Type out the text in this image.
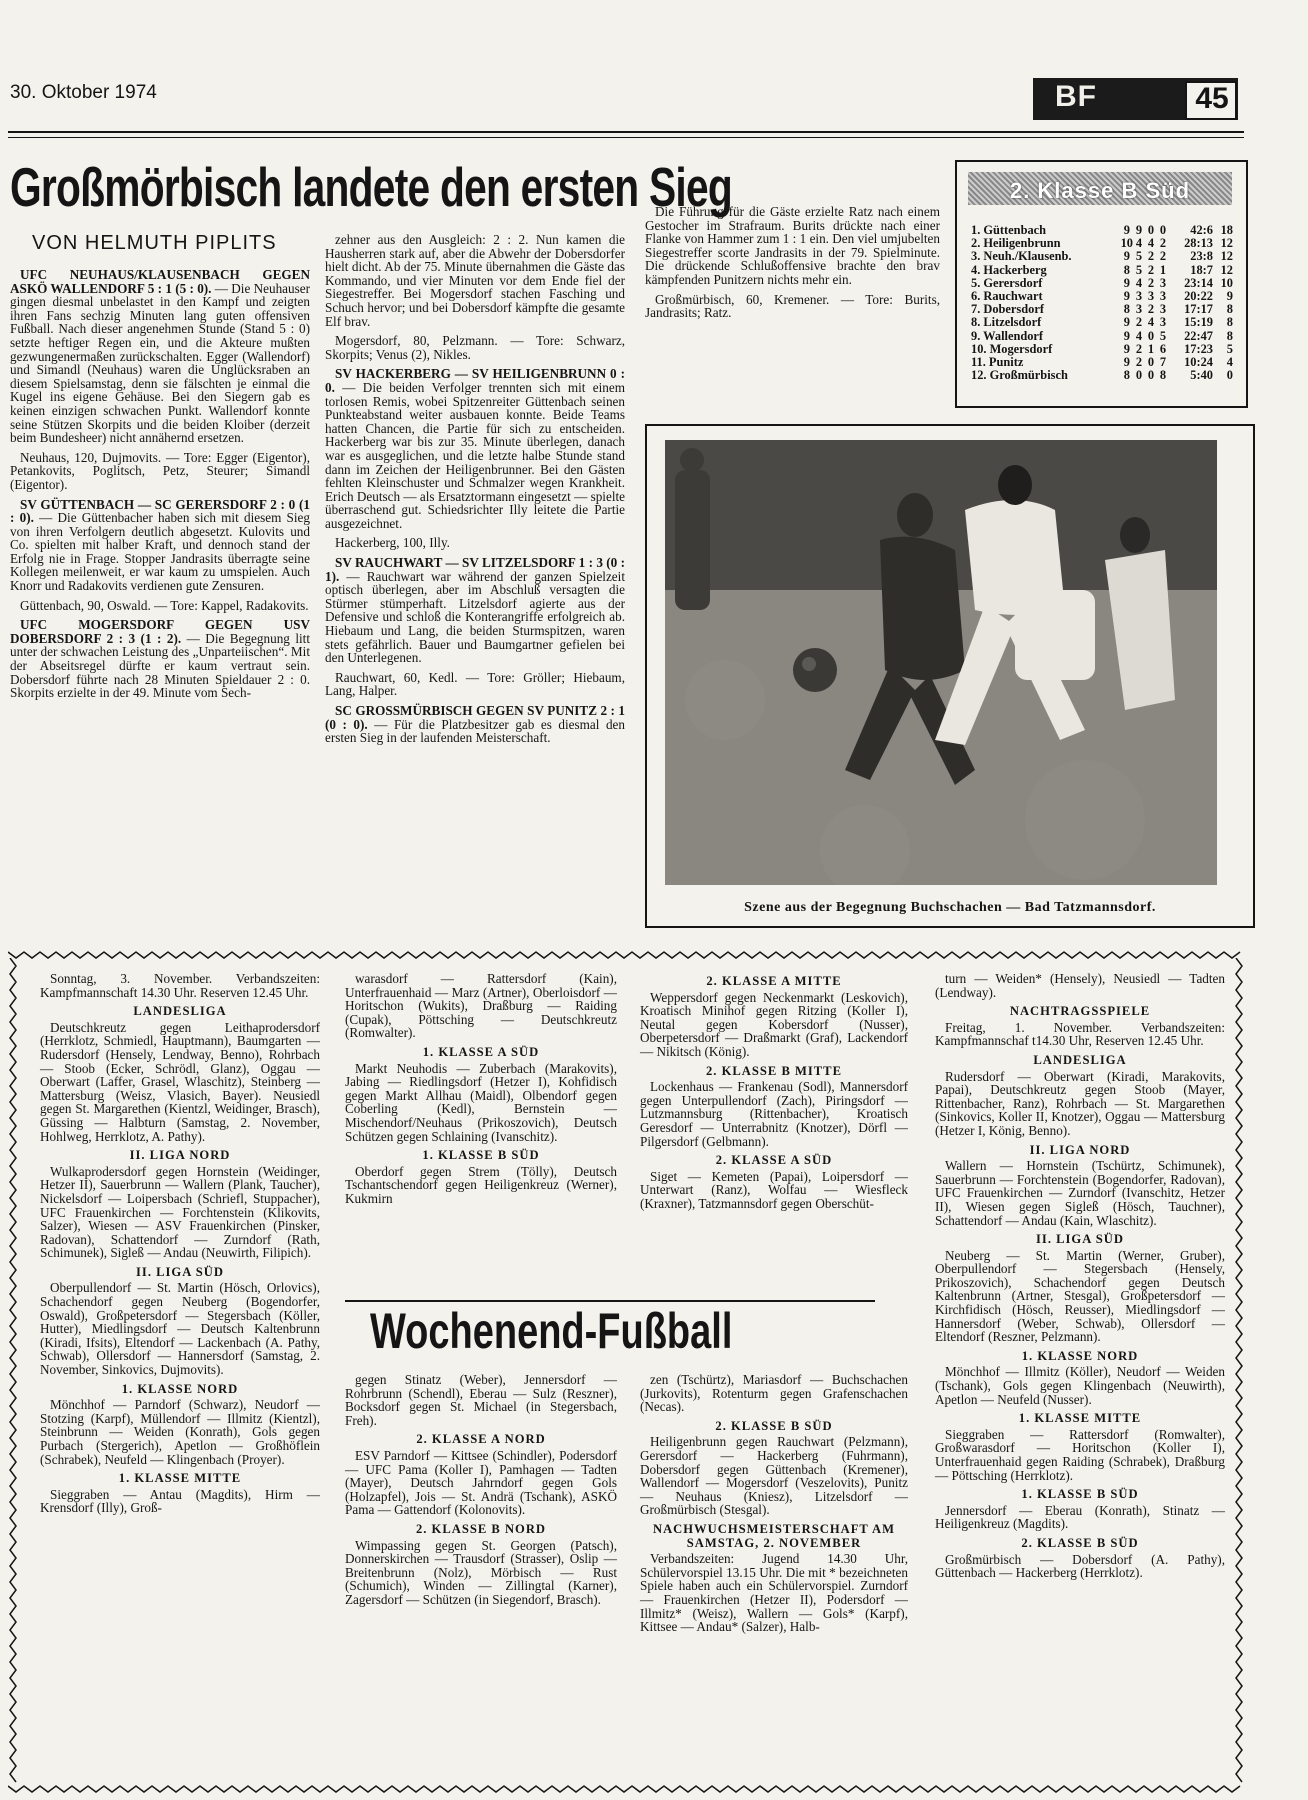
30. Oktober 1974	BF	45
Großmörbisch landete den ersten Sieg
VON HELMUTH PIPLITS

UFC NEUHAUS/KLAUSENBACH GEGEN ASKÖ WALLENDORF 5 : 1 (5 : 0). — Die Neuhauser gingen diesmal unbelastet in den Kampf und zeigten ihren Fans sechzig Minuten lang guten offensiven Fußball. Nach dieser angenehmen Stunde (Stand 5 : 0) setzte heftiger Regen ein, und die Akteure mußten gezwungenermaßen zurückschalten. Egger (Wallendorf) und Simandl (Neuhaus) waren die Unglücksraben an diesem Spielsamstag, denn sie fälschten je einmal die Kugel ins eigene Gehäuse. Bei den Siegern gab es keinen einzigen schwachen Punkt. Wallendorf konnte seine Stützen Skorpits und die beiden Kloiber (derzeit beim Bundesheer) nicht annähernd ersetzen.

Neuhaus, 120, Dujmovits. — Tore: Egger (Eigentor), Petankovits, Poglitsch, Petz, Steurer; Simandl (Eigentor).

SV GÜTTENBACH — SC GERERSDORF 2 : 0 (1 : 0). — Die Güttenbacher haben sich mit diesem Sieg von ihren Verfolgern deutlich abgesetzt. Kulovits und Co. spielten mit halber Kraft, und dennoch stand der Erfolg nie in Frage. Stopper Jandrasits überragte seine Kollegen meilenweit, er war kaum zu umspielen. Auch Knorr und Radakovits verdienen gute Zensuren.

Güttenbach, 90, Oswald. — Tore: Kappel, Radakovits.

UFC MOGERSDORF GEGEN USV DOBERSDORF 2 : 3 (1 : 2). — Die Begegnung litt unter der schwachen Leistung des „Unparteiischen“. Mit der Abseitsregel dürfte er kaum vertraut sein. Dobersdorf führte nach 28 Minuten Spieldauer 2 : 0. Skorpits erzielte in der 49. Minute vom Sech-

zehner aus den Ausgleich: 2 : 2. Nun kamen die Hausherren stark auf, aber die Abwehr der Dobersdorfer hielt dicht. Ab der 75. Minute übernahmen die Gäste das Kommando, und vier Minuten vor dem Ende fiel der Siegestreffer. Bei Mogersdorf stachen Fasching und Schuch hervor; und bei Dobersdorf kämpfte die gesamte Elf brav.

Mogersdorf, 80, Pelzmann. — Tore: Schwarz, Skorpits; Venus (2), Nikles.

SV HACKERBERG — SV HEILIGENBRUNN 0 : 0. — Die beiden Verfolger trennten sich mit einem torlosen Remis, wobei Spitzenreiter Güttenbach seinen Punkteabstand weiter ausbauen konnte. Beide Teams hatten Chancen, die Partie für sich zu entscheiden. Hackerberg war bis zur 35. Minute überlegen, danach war es ausgeglichen, und die letzte halbe Stunde stand dann im Zeichen der Heiligenbrunner. Bei den Gästen fehlten Kleinschuster und Schmalzer wegen Krankheit. Erich Deutsch — als Ersatztormann eingesetzt — spielte überraschend gut. Schiedsrichter Illy leitete die Partie ausgezeichnet.

Hackerberg, 100, Illy.

SV RAUCHWART — SV LITZELSDORF 1 : 3 (0 : 1). — Rauchwart war während der ganzen Spielzeit optisch überlegen, aber im Abschluß versagten die Stürmer stümperhaft. Litzelsdorf agierte aus der Defensive und schloß die Konterangriffe erfolgreich ab. Hiebaum und Lang, die beiden Sturmspitzen, waren stets gefährlich. Bauer und Baumgartner gefielen bei den Unterlegenen.

Rauchwart, 60, Kedl. — Tore: Gröller; Hiebaum, Lang, Halper.

SC GROSSMÜRBISCH GEGEN SV PUNITZ 2 : 1 (0 : 0). — Für die Platzbesitzer gab es diesmal den ersten Sieg in der laufenden Meisterschaft.

Die Führung für die Gäste erzielte Ratz nach einem Gestocher im Strafraum. Burits drückte nach einer Flanke von Hammer zum 1 : 1 ein. Den viel umjubelten Siegestreffer scorte Jandrasits in der 79. Spielminute. Die drückende Schlußoffensive brachte den brav kämpfenden Punitzern nichts mehr ein.

Großmürbisch, 60, Kremener. — Tore: Burits, Jandrasits; Ratz.

2. Klasse B Süd
1. Güttenbach	9	9	0	0	42:6	18
2. Heiligenbrunn	10	4	4	2	28:13	12
3. Neuh./Klausenb.	9	5	2	2	23:8	12
4. Hackerberg	8	5	2	1	18:7	12
5. Gerersdorf	9	4	2	3	23:14	10
6. Rauchwart	9	3	3	3	20:22	9
7. Dobersdorf	8	3	2	3	17:17	8
8. Litzelsdorf	9	2	4	3	15:19	8
9. Wallendorf	9	4	0	5	22:47	8
10. Mogersdorf	9	2	1	6	17:23	5
11. Punitz	9	2	0	7	10:24	4
12. Großmürbisch	8	0	0	8	5:40	0
Szene aus der Begegnung Buchschachen — Bad Tatzmannsdorf.

Sonntag, 3. November. Verbandszeiten: Kampfmannschaft 14.30 Uhr. Reserven 12.45 Uhr.

LANDESLIGA

Deutschkreutz gegen Leithaprodersdorf (Herrklotz, Schmiedl, Hauptmann), Baumgarten — Rudersdorf (Hensely, Lendway, Benno), Rohrbach — Stoob (Ecker, Schrödl, Glanz), Oggau — Oberwart (Laffer, Grasel, Wlaschitz), Steinberg — Mattersburg (Weisz, Vlasich, Bayer). Neusiedl gegen St. Margarethen (Kientzl, Weidinger, Brasch), Güssing — Halbturn (Samstag, 2. November, Hohlweg, Herrklotz, A. Pathy).

II. LIGA NORD

Wulkaprodersdorf gegen Hornstein (Weidinger, Hetzer II), Sauerbrunn — Wallern (Plank, Taucher), Nickelsdorf — Loipersbach (Schriefl, Stuppacher), UFC Frauenkirchen — Forchtenstein (Klikovits, Salzer), Wiesen — ASV Frauenkirchen (Pinsker, Radovan), Schattendorf — Zurndorf (Rath, Schimunek), Sigleß — Andau (Neuwirth, Filipich).

II. LIGA SÜD

Oberpullendorf — St. Martin (Hösch, Orlovics), Schachendorf gegen Neuberg (Bogendorfer, Oswald), Großpetersdorf — Stegersbach (Köller, Hutter), Miedlingsdorf — Deutsch Kaltenbrunn (Kiradi, Ifsits), Eltendorf — Lackenbach (A. Pathy, Schwab), Ollersdorf — Hannersdorf (Samstag, 2. November, Sinkovics, Dujmovits).

1. KLASSE NORD

Mönchhof — Parndorf (Schwarz), Neudorf — Stotzing (Karpf), Müllendorf — Illmitz (Kientzl), Steinbrunn — Weiden (Konrath), Gols gegen Purbach (Stergerich), Apetlon — Großhöflein (Schrabek), Neufeld — Klingenbach (Proyer).

1. KLASSE MITTE

Sieggraben — Antau (Magdits), Hirm — Krensdorf (Illy), Groß-

warasdorf — Rattersdorf (Kain), Unterfrauenhaid — Marz (Artner), Oberloisdorf — Horitschon (Wukits), Draßburg — Raiding (Cupak), Pöttsching — Deutschkreutz (Romwalter).

1. KLASSE A SÜD

Markt Neuhodis — Zuberbach (Marakovits), Jabing — Riedlingsdorf (Hetzer I), Kohfidisch gegen Markt Allhau (Maidl), Olbendorf gegen Coberling (Kedl), Bernstein — Mischendorf/Neuhaus (Prikoszovich), Deutsch Schützen gegen Schlaining (Ivanschitz).

1. KLASSE B SÜD

Oberdorf gegen Strem (Tölly), Deutsch Tschantschendorf gegen Heiligenkreuz (Werner), Kukmirn

2. KLASSE A MITTE

Weppersdorf gegen Neckenmarkt (Leskovich), Kroatisch Minihof gegen Ritzing (Koller I), Neutal gegen Kobersdorf (Nusser), Oberpetersdorf — Draßmarkt (Graf), Lackendorf — Nikitsch (König).

2. KLASSE B MITTE

Lockenhaus — Frankenau (Sodl), Mannersdorf gegen Unterpullendorf (Zach), Piringsdorf — Lutzmannsburg (Rittenbacher), Kroatisch Geresdorf — Unterrabnitz (Knotzer), Dörfl — Pilgersdorf (Gelbmann).

2. KLASSE A SÜD

Siget — Kemeten (Papai), Loipersdorf — Unterwart (Ranz), Wolfau — Wiesfleck (Kraxner), Tatzmannsdorf gegen Oberschüt-

Wochenend-Fußball

gegen Stinatz (Weber), Jennersdorf — Rohrbrunn (Schendl), Eberau — Sulz (Reszner), Bocksdorf gegen St. Michael (in Stegersbach, Freh).

2. KLASSE A NORD

ESV Parndorf — Kittsee (Schindler), Podersdorf — UFC Pama (Koller I), Pamhagen — Tadten (Mayer), Deutsch Jahrndorf gegen Gols (Holzapfel), Jois — St. Andrä (Tschank), ASKÖ Pama — Gattendorf (Kolonovits).

2. KLASSE B NORD

Wimpassing gegen St. Georgen (Patsch), Donnerskirchen — Trausdorf (Strasser), Oslip — Breitenbrunn (Nolz), Mörbisch — Rust (Schumich), Winden — Zillingtal (Karner), Zagersdorf — Schützen (in Siegendorf, Brasch).

zen (Tschürtz), Mariasdorf — Buchschachen (Jurkovits), Rotenturm gegen Grafenschachen (Necas).

2. KLASSE B SÜD

Heiligenbrunn gegen Rauchwart (Pelzmann), Gerersdorf — Hackerberg (Fuhrmann), Dobersdorf gegen Güttenbach (Kremener), Wallendorf — Mogersdorf (Veszelovits), Punitz — Neuhaus (Kniesz), Litzelsdorf — Großmürbisch (Stesgal).

NACHWUCHSMEISTERSCHAFT AM SAMSTAG, 2. NOVEMBER

Verbandszeiten: Jugend 14.30 Uhr, Schülervorspiel 13.15 Uhr. Die mit * bezeichneten Spiele haben auch ein Schülervorspiel. Zurndorf — Frauenkirchen (Hetzer II), Podersdorf — Illmitz* (Weisz), Wallern — Gols* (Karpf), Kittsee — Andau* (Salzer), Halb-

turn — Weiden* (Hensely), Neusiedl — Tadten (Lendway).

NACHTRAGSSPIELE

Freitag, 1. November. Verbandszeiten: Kampfmannschaf t14.30 Uhr, Reserven 12.45 Uhr.

LANDESLIGA

Rudersdorf — Oberwart (Kiradi, Marakovits, Papai), Deutschkreutz gegen Stoob (Mayer, Rittenbacher, Ranz), Rohrbach — St. Margarethen (Sinkovics, Koller II, Knotzer), Oggau — Mattersburg (Hetzer I, König, Benno).

II. LIGA NORD

Wallern — Hornstein (Tschürtz, Schimunek), Sauerbrunn — Forchtenstein (Bogendorfer, Radovan), UFC Frauenkirchen — Zurndorf (Ivanschitz, Hetzer II), Wiesen gegen Sigleß (Hösch, Tauchner), Schattendorf — Andau (Kain, Wlaschitz).

II. LIGA SÜD

Neuberg — St. Martin (Werner, Gruber), Oberpullendorf — Stegersbach (Hensely, Prikoszovich), Schachendorf gegen Deutsch Kaltenbrunn (Artner, Stesgal), Großpetersdorf — Kirchfidisch (Hösch, Reusser), Miedlingsdorf — Hannersdorf (Weber, Schwab), Ollersdorf — Eltendorf (Reszner, Pelzmann).

1. KLASSE NORD

Mönchhof — Illmitz (Köller), Neudorf — Weiden (Tschank), Gols gegen Klingenbach (Neuwirth), Apetlon — Neufeld (Nusser).

1. KLASSE MITTE

Sieggraben — Rattersdorf (Romwalter), Großwarasdorf — Horitschon (Koller I), Unterfrauenhaid gegen Raiding (Schrabek), Draßburg — Pöttsching (Herrklotz).

1. KLASSE B SÜD

Jennersdorf — Eberau (Konrath), Stinatz — Heiligenkreuz (Magdits).

2. KLASSE B SÜD

Großmürbisch — Dobersdorf (A. Pathy), Güttenbach — Hackerberg (Herrklotz).
